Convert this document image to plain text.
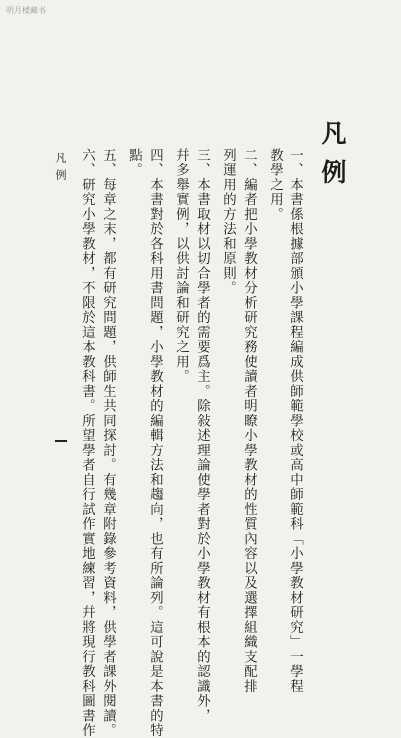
明月楼藏书
凡例
一、本書係根據部頒小學課程編成供師範學校或高中師範科「小學教材研究」一學程
教學之用。
二、編者把小學教材分析研究務使讀者明瞭小學教材的性質內容以及選擇組織支配排
列運用的方法和原則。
三、本書取材以切合學者的需要爲主。除敍述理論使學者對於小學教材有根本的認識外，
幷多舉實例，以供討論和研究之用。
四、本書對於各科用書問題，小學教材的編輯方法和趨向，也有所論列。這可說是本書的特
點。
五、每章之末，都有研究問題，供師生共同探討。有幾章附錄參考資料，供學者課外閱讀。
六、研究小學教材，不限於這本教科書。所望學者自行試作實地練習，幷將現行教科圖書作
凡例
